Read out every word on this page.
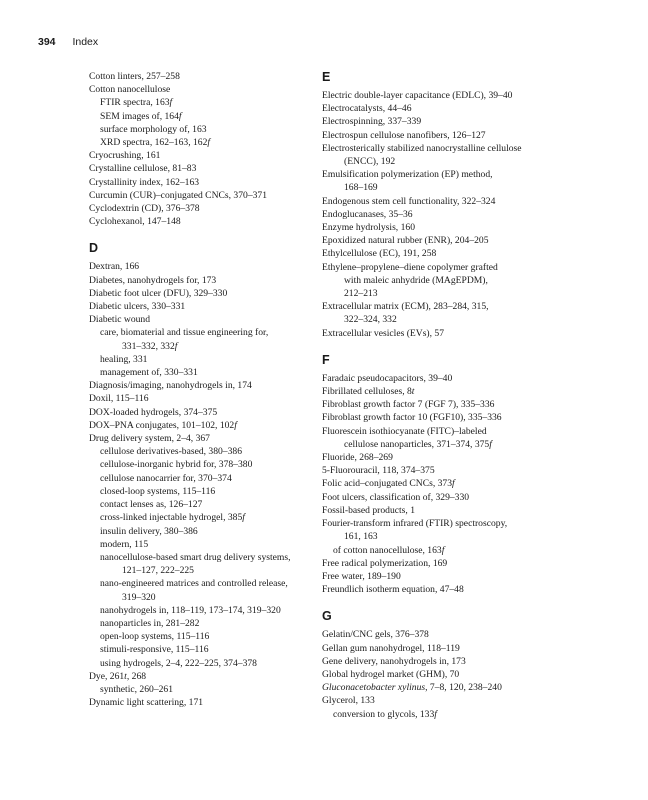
394 Index
Cotton linters, 257–258
Cotton nanocellulose
FTIR spectra, 163f
SEM images of, 164f
surface morphology of, 163
XRD spectra, 162–163, 162f
Cryocrushing, 161
Crystalline cellulose, 81–83
Crystallinity index, 162–163
Curcumin (CUR)–conjugated CNCs, 370–371
Cyclodextrin (CD), 376–378
Cyclohexanol, 147–148
D
Dextran, 166
Diabetes, nanohydrogels for, 173
Diabetic foot ulcer (DFU), 329–330
Diabetic ulcers, 330–331
Diabetic wound
care, biomaterial and tissue engineering for,
331–332, 332f
healing, 331
management of, 330–331
Diagnosis/imaging, nanohydrogels in, 174
Doxil, 115–116
DOX-loaded hydrogels, 374–375
DOX–PNA conjugates, 101–102, 102f
Drug delivery system, 2–4, 367
cellulose derivatives-based, 380–386
cellulose-inorganic hybrid for, 378–380
cellulose nanocarrier for, 370–374
closed-loop systems, 115–116
contact lenses as, 126–127
cross-linked injectable hydrogel, 385f
insulin delivery, 380–386
modern, 115
nanocellulose-based smart drug delivery systems,
121–127, 222–225
nano-engineered matrices and controlled release,
319–320
nanohydrogels in, 118–119, 173–174, 319–320
nanoparticles in, 281–282
open-loop systems, 115–116
stimuli-responsive, 115–116
using hydrogels, 2–4, 222–225, 374–378
Dye, 261t, 268
synthetic, 260–261
Dynamic light scattering, 171
E
Electric double-layer capacitance (EDLC), 39–40
Electrocatalysts, 44–46
Electrospinning, 337–339
Electrospun cellulose nanofibers, 126–127
Electrosterically stabilized nanocrystalline cellulose
(ENCC), 192
Emulsification polymerization (EP) method,
168–169
Endogenous stem cell functionality, 322–324
Endoglucanases, 35–36
Enzyme hydrolysis, 160
Epoxidized natural rubber (ENR), 204–205
Ethylcellulose (EC), 191, 258
Ethylene–propylene–diene copolymer grafted
with maleic anhydride (MAgEPDM),
212–213
Extracellular matrix (ECM), 283–284, 315,
322–324, 332
Extracellular vesicles (EVs), 57
F
Faradaic pseudocapacitors, 39–40
Fibrillated celluloses, 8t
Fibroblast growth factor 7 (FGF 7), 335–336
Fibroblast growth factor 10 (FGF10), 335–336
Fluorescein isothiocyanate (FITC)–labeled
cellulose nanoparticles, 371–374, 375f
Fluoride, 268–269
5-Fluorouracil, 118, 374–375
Folic acid–conjugated CNCs, 373f
Foot ulcers, classification of, 329–330
Fossil-based products, 1
Fourier-transform infrared (FTIR) spectroscopy,
161, 163
of cotton nanocellulose, 163f
Free radical polymerization, 169
Free water, 189–190
Freundlich isotherm equation, 47–48
G
Gelatin/CNC gels, 376–378
Gellan gum nanohydrogel, 118–119
Gene delivery, nanohydrogels in, 173
Global hydrogel market (GHM), 70
Gluconacetobacter xylinus, 7–8, 120, 238–240
Glycerol, 133
conversion to glycols, 133f
